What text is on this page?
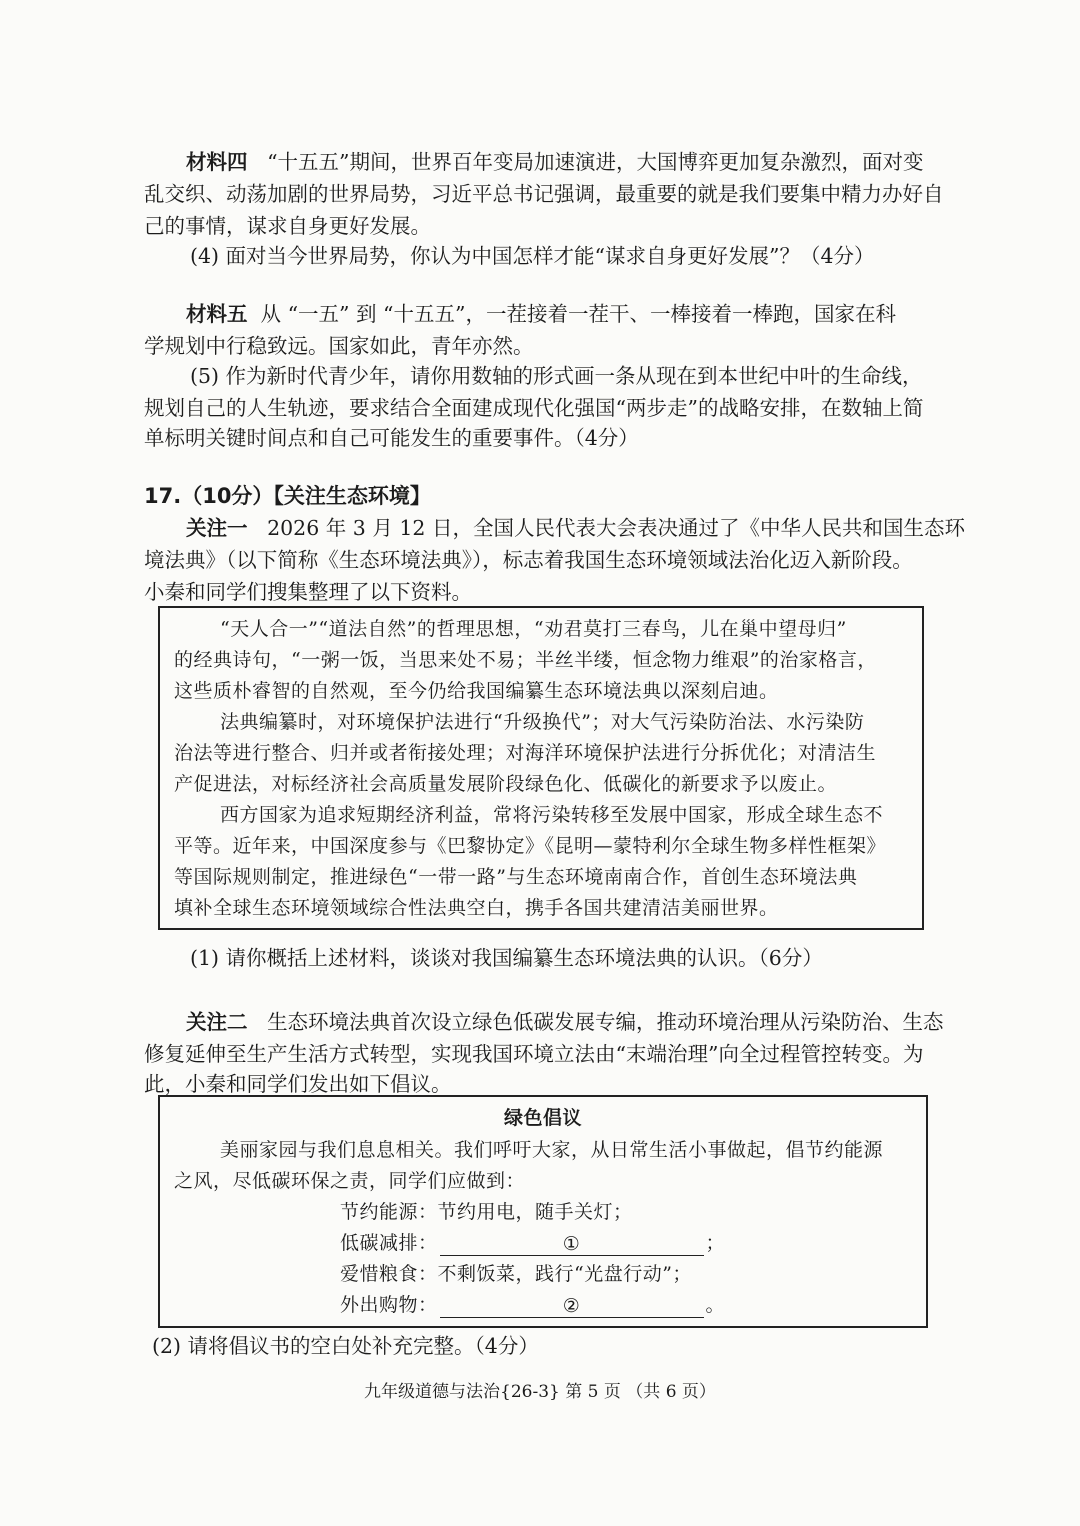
材料四 “十五五”期间，世界百年变局加速演进，大国博弈更加复杂激烈，面对变
乱交织、动荡加剧的世界局势，习近平总书记强调，最重要的就是我们要集中精力办好自
己的事情，谋求自身更好发展。
(4) 面对当今世界局势，你认为中国怎样才能“谋求自身更好发展”？（4分）
材料五 从 “一五” 到 “十五五”，一茬接着一茬干、一棒接着一棒跑，国家在科
学规划中行稳致远。国家如此，青年亦然。
(5) 作为新时代青少年，请你用数轴的形式画一条从现在到本世纪中叶的生命线，
规划自己的人生轨迹，要求结合全面建成现代化强国“两步走”的战略安排，在数轴上简
单标明关键时间点和自己可能发生的重要事件。（4分）
17.（10分）【关注生态环境】
关注一 2026 年 3 月 12 日，全国人民代表大会表决通过了《中华人民共和国生态环
境法典》（以下简称《生态环境法典》），标志着我国生态环境领域法治化迈入新阶段。
小秦和同学们搜集整理了以下资料。
“天人合一”“道法自然”的哲理思想，“劝君莫打三春鸟，儿在巢中望母归”
的经典诗句，“一粥一饭，当思来处不易；半丝半缕，恒念物力维艰”的治家格言，
这些质朴睿智的自然观，至今仍给我国编纂生态环境法典以深刻启迪。
法典编纂时，对环境保护法进行“升级换代”；对大气污染防治法、水污染防
治法等进行整合、归并或者衔接处理；对海洋环境保护法进行分拆优化；对清洁生
产促进法，对标经济社会高质量发展阶段绿色化、低碳化的新要求予以废止。
西方国家为追求短期经济利益，常将污染转移至发展中国家，形成全球生态不
平等。近年来，中国深度参与《巴黎协定》《昆明—蒙特利尔全球生物多样性框架》
等国际规则制定，推进绿色“一带一路”与生态环境南南合作，首创生态环境法典
填补全球生态环境领域综合性法典空白，携手各国共建清洁美丽世界。
(1) 请你概括上述材料，谈谈对我国编纂生态环境法典的认识。（6分）
关注二 生态环境法典首次设立绿色低碳发展专编，推动环境治理从污染防治、生态
修复延伸至生产生活方式转型，实现我国环境立法由“末端治理”向全过程管控转变。为
此，小秦和同学们发出如下倡议。
绿色倡议
美丽家园与我们息息相关。我们呼吁大家，从日常生活小事做起，倡节约能源
之风，尽低碳环保之责，同学们应做到：
节约能源：节约用电，随手关灯；
低碳减排：	①	；
爱惜粮食：不剩饭菜，践行“光盘行动”；
外出购物：	②	。
(2) 请将倡议书的空白处补充完整。（4分）
九年级道德与法治{26-3} 第 5 页 （共 6 页）
